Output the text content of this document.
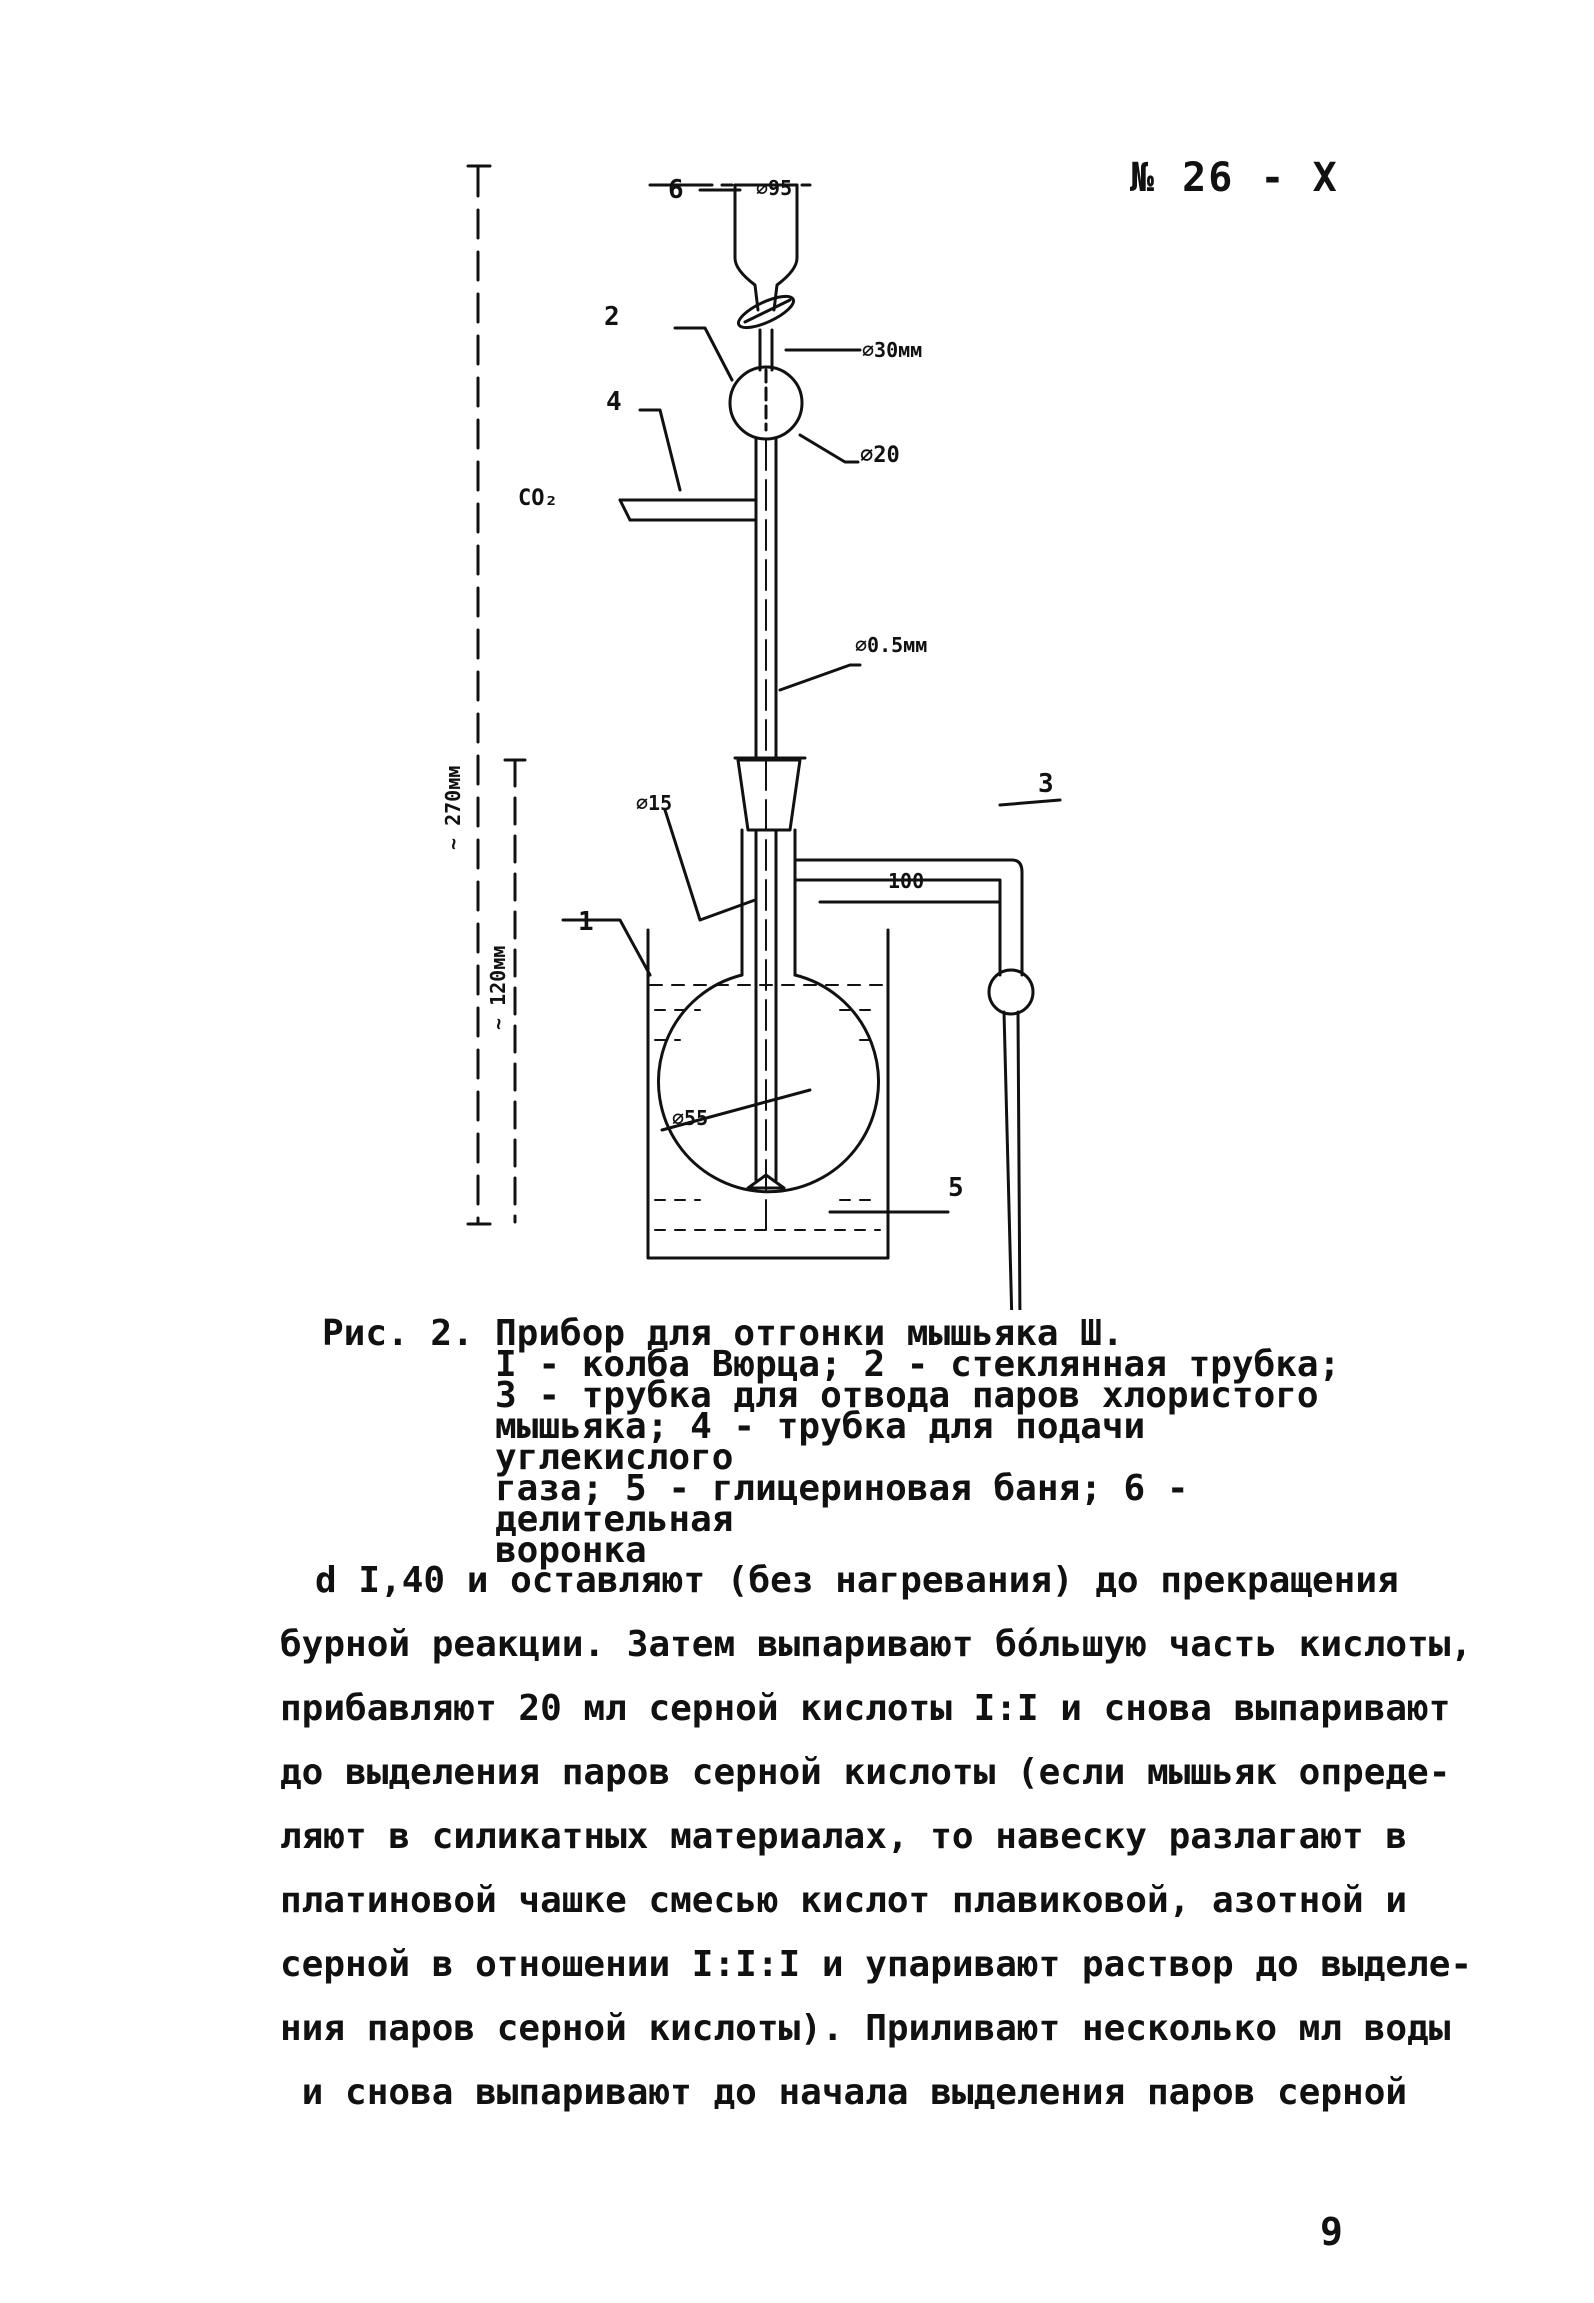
№ 26 - X
6	⌀95
2
⌀30мм
4
⌀20
CO₂
⌀0.5мм
3
⌀15
100
1
⌀55
5
~ 270мм
~ 120мм
Рис. 2. Прибор для отгонки мышьяка Ш.
I - колба Вюрца; 2 - стеклянная трубка;
3 - трубка для отвода паров хлористого
мышьяка; 4 - трубка для подачи углекислого
газа; 5 - глицериновая баня; 6 - делительная
воронка
d I,40 и оставляют (без нагревания) до прекращения
бурной реакции. Затем выпаривают бо́льшую часть кислоты,
прибавляют 20 мл серной кислоты I:I и снова выпаривают
до выделения паров серной кислоты (если мышьяк опреде-
ляют в силикатных материалах, то навеску разлагают в
платиновой чашке смесью кислот плавиковой, азотной и
серной в отношении I:I:I и упаривают раствор до выделе-
ния паров серной кислоты). Приливают несколько мл воды
и снова выпаривают до начала выделения паров серной
9
